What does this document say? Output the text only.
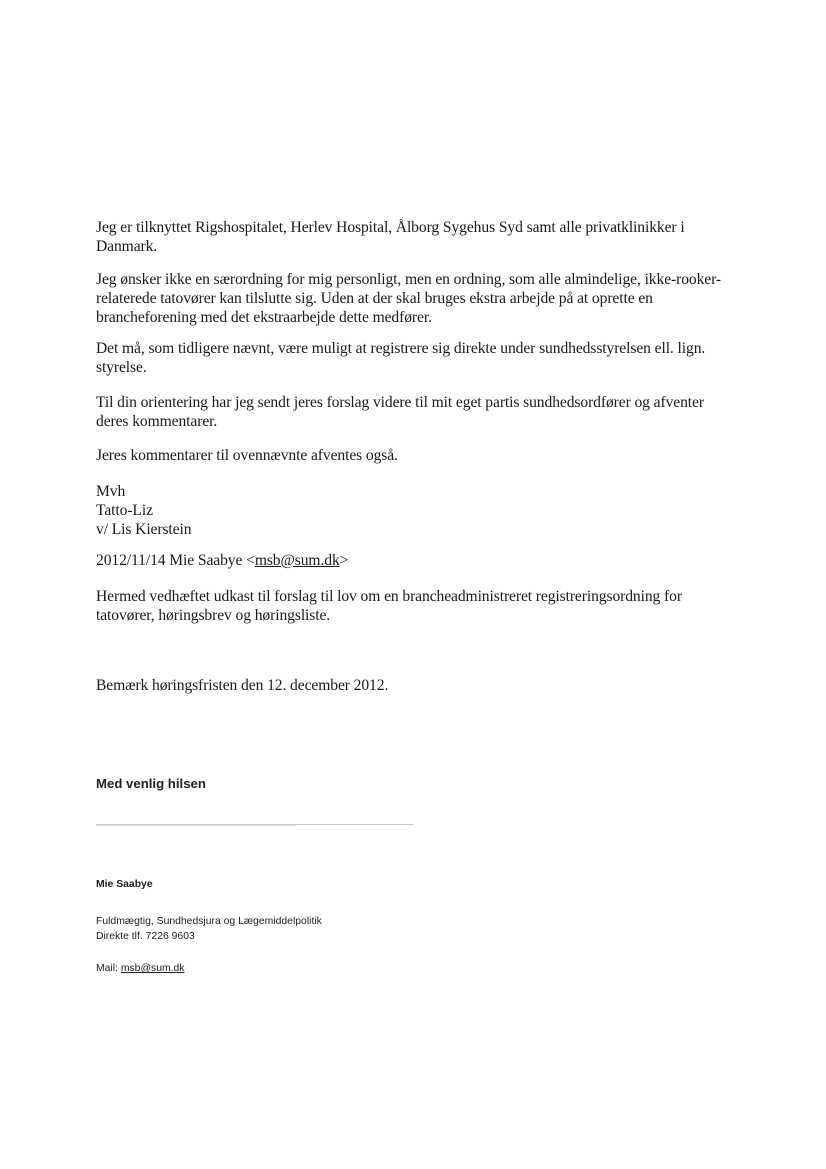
Jeg er tilknyttet Rigshospitalet, Herlev Hospital, Ålborg Sygehus Syd samt alle privatklinikker i
Danmark.

Jeg ønsker ikke en særordning for mig personligt, men en ordning, som alle almindelige, ikke-rooker-
relaterede tatovører kan tilslutte sig. Uden at der skal bruges ekstra arbejde på at oprette en
brancheforening med det ekstraarbejde dette medfører.

Det må, som tidligere nævnt, være muligt at registrere sig direkte under sundhedsstyrelsen ell. lign.
styrelse.

Til din orientering har jeg sendt jeres forslag videre til mit eget partis sundhedsordfører og afventer
deres kommentarer.

Jeres kommentarer til ovennævnte afventes også.

Mvh
Tatto-Liz
v/ Lis Kierstein

2012/11/14 Mie Saabye <msb@sum.dk>

Hermed vedhæftet udkast til forslag til lov om en brancheadministreret registreringsordning for
tatovører, høringsbrev og høringsliste.

Bemærk høringsfristen den 12. december 2012.

Med venlig hilsen
Mie Saabye
Fuldmægtig, Sundhedsjura og Lægemiddelpolitik
Direkte tlf. 7226 9603
Mail: msb@sum.dk
